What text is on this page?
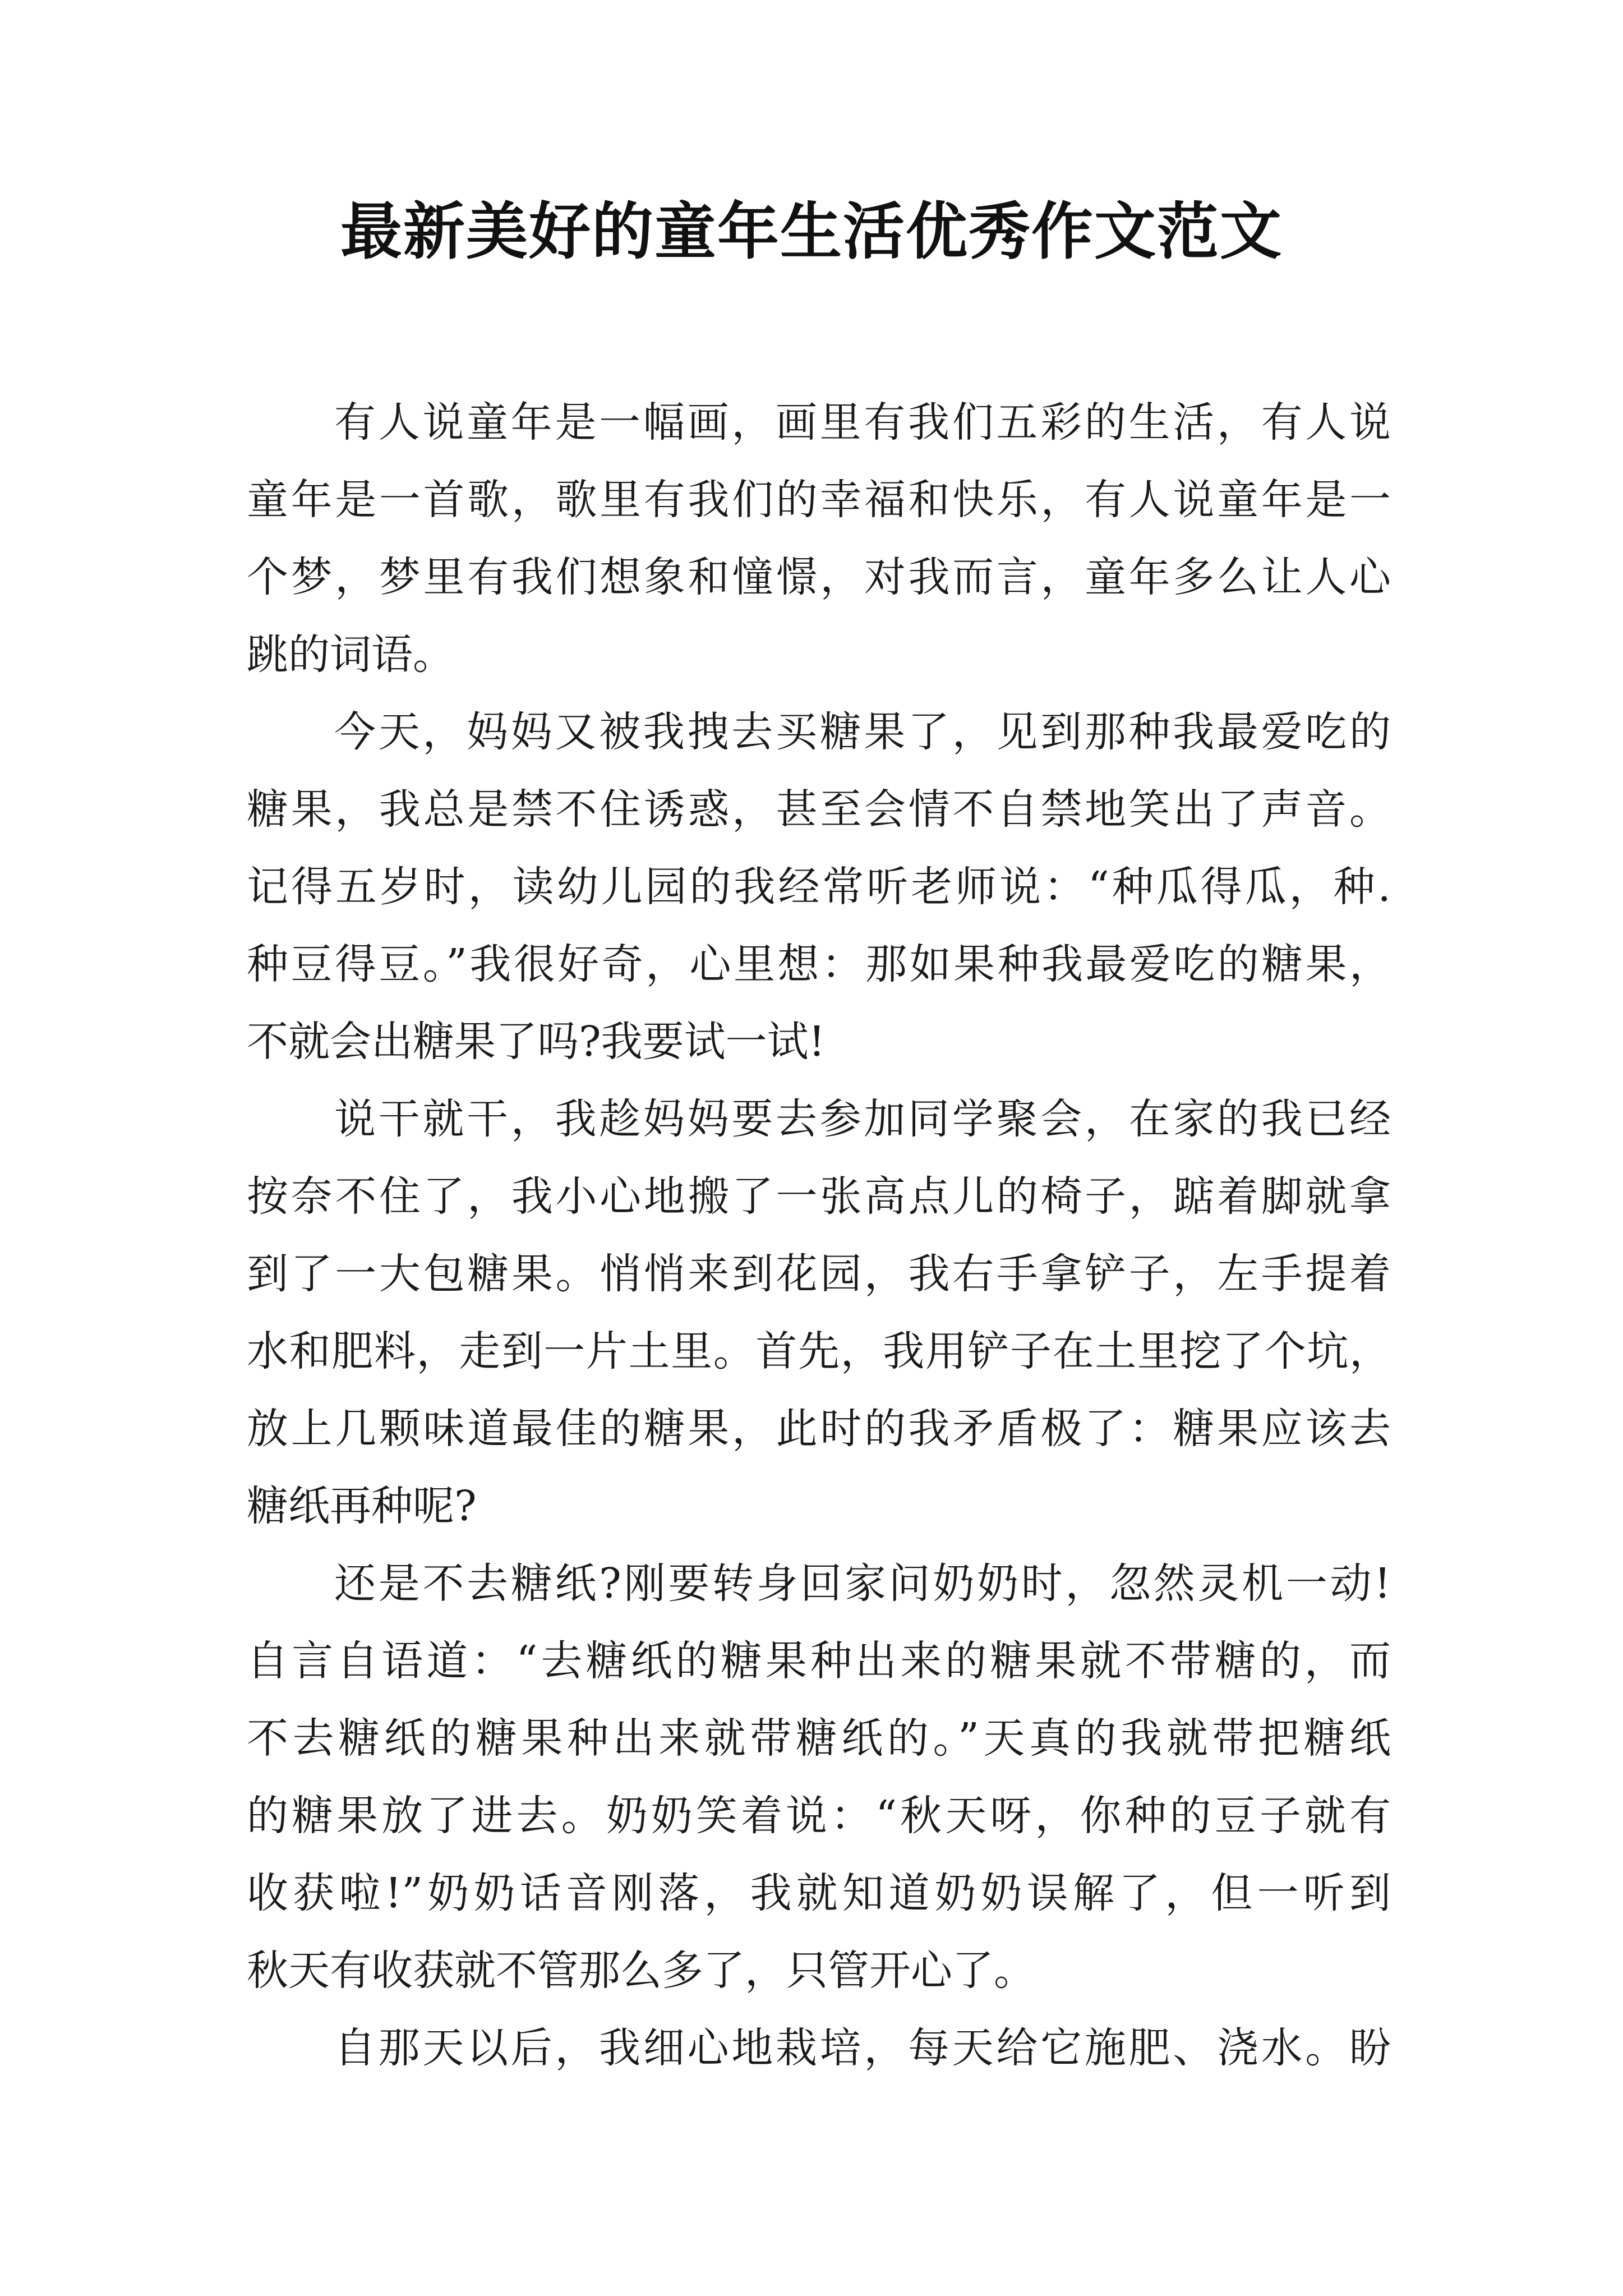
最新美好的童年生活优秀作文范文
有人说童年是一幅画，画里有我们五彩的生活，有人说
童年是一首歌，歌里有我们的幸福和快乐，有人说童年是一
个梦，梦里有我们想象和憧憬，对我而言，童年多么让人心
跳的词语。
今天，妈妈又被我拽去买糖果了，见到那种我最爱吃的
糖果，我总是禁不住诱惑，甚至会情不自禁地笑出了声音。
记得五岁时，读幼儿园的我经常听老师说：“种瓜得瓜，种.
种豆得豆。”我很好奇，心里想：那如果种我最爱吃的糖果，
不就会出糖果了吗?我要试一试!
说干就干，我趁妈妈要去参加同学聚会，在家的我已经
按奈不住了，我小心地搬了一张高点儿的椅子，踮着脚就拿
到了一大包糖果。悄悄来到花园，我右手拿铲子，左手提着
水和肥料，走到一片土里。首先，我用铲子在土里挖了个坑，
放上几颗味道最佳的糖果，此时的我矛盾极了：糖果应该去
糖纸再种呢?
还是不去糖纸?刚要转身回家问奶奶时，忽然灵机一动!
自言自语道：“去糖纸的糖果种出来的糖果就不带糖的，而
不去糖纸的糖果种出来就带糖纸的。”天真的我就带把糖纸
的糖果放了进去。奶奶笑着说：“秋天呀，你种的豆子就有
收获啦!”奶奶话音刚落，我就知道奶奶误解了，但一听到
秋天有收获就不管那么多了，只管开心了。
自那天以后，我细心地栽培，每天给它施肥、浇水。盼
